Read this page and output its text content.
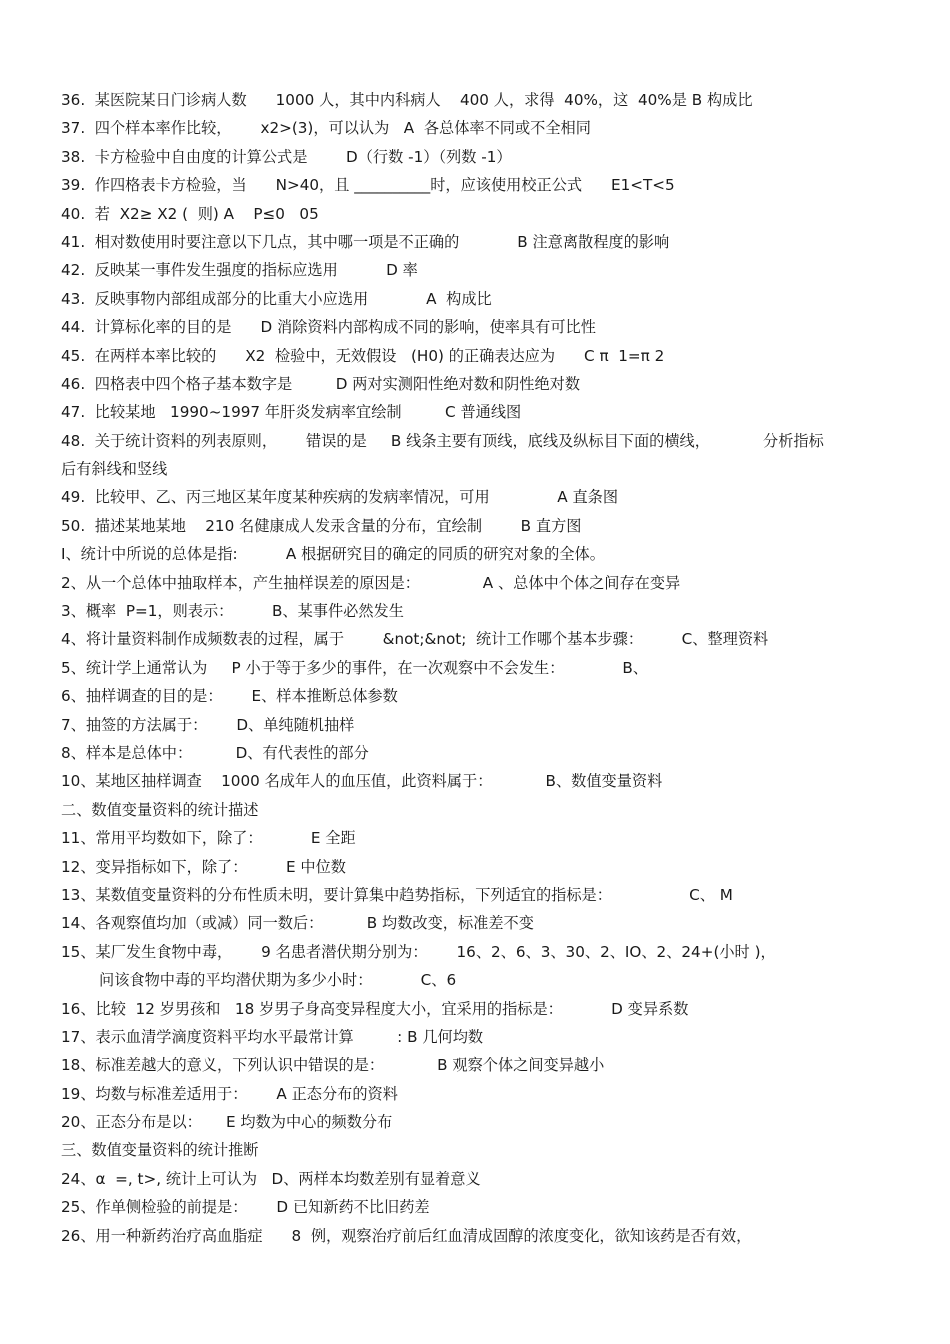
36.  某医院某日门诊病人数      1000 人，其中内科病人    400 人，求得  40%，这  40%是 B 构成比
37.  四个样本率作比较，      x2>(3)，可以认为   A  各总体率不同或不全相同
38.  卡方检验中自由度的计算公式是        D（行数 -1）（列数 -1）
39.  作四格表卡方检验，当      N>40，且 __________时，应该使用校正公式      E1<T<5
40.  若  X2≥ X2 (  则) A    P≤0   05
41.  相对数使用时要注意以下几点，其中哪一项是不正确的            B 注意离散程度的影响
42.  反映某一事件发生强度的指标应选用          D 率
43.  反映事物内部组成部分的比重大小应选用            A  构成比
44.  计算标化率的目的是      D 消除资料内部构成不同的影响，使率具有可比性
45.  在两样本率比较的      X2  检验中，无效假设   (H0) 的正确表达应为      C π  1=π 2
46.  四格表中四个格子基本数字是         D 两对实测阳性绝对数和阴性绝对数
47.  比较某地   1990~1997 年肝炎发病率宜绘制         C 普通线图
48.  关于统计资料的列表原则，      错误的是     B 线条主要有顶线，底线及纵标目下面的横线，           分析指标
后有斜线和竖线
49.  比较甲、乙、丙三地区某年度某种疾病的发病率情况，可用              A 直条图
50.  描述某地某地    210 名健康成人发汞含量的分布，宜绘制        B 直方图
I、统计中所说的总体是指:          A 根据研究目的确定的同质的研究对象的全体。
2、从一个总体中抽取样本，产生抽样误差的原因是：             A 、总体中个体之间存在变异
3、概率  P=1，则表示：        B、某事件必然发生
4、将计量资料制作成频数表的过程，属于        &not;&not;  统计工作哪个基本步骤：        C、整理资料
5、统计学上通常认为     P 小于等于多少的事件，在一次观察中不会发生：            B、
6、抽样调查的目的是：      E、样本推断总体参数
7、抽签的方法属于：      D、单纯随机抽样
8、样本是总体中：         D、有代表性的部分
10、某地区抽样调查    1000 名成年人的血压值，此资料属于：           B、数值变量资料
二、数值变量资料的统计描述
11、常用平均数如下，除了：          E 全距
12、变异指标如下，除了：        E 中位数
13、某数值变量资料的分布性质未明，要计算集中趋势指标，下列适宜的指标是：                C、 M
14、各观察值均加（或减）同一数后：         B 均数改变，标准差不变
15、某厂发生食物中毒，      9 名患者潜伏期分别为：      16、2、6、3、30、2、IO、2、24+(小时 )，
问该食物中毒的平均潜伏期为多少小时：          C、6
16、比较  12 岁男孩和   18 岁男子身高变异程度大小，宜采用的指标是：          D 变异系数
17、表示血清学滴度资料平均水平最常计算         : B 几何均数
18、标准差越大的意义，下列认识中错误的是：           B 观察个体之间变异越小
19、均数与标准差适用于：      A 正态分布的资料
20、正态分布是以：     E 均数为中心的频数分布
三、数值变量资料的统计推断
24、α  =, t>, 统计上可认为   D、两样本均数差别有显着意义
25、作单侧检验的前提是：      D 已知新药不比旧药差
26、用一种新药治疗高血脂症      8  例，观察治疗前后红血清成固醇的浓度变化，欲知该药是否有效，
